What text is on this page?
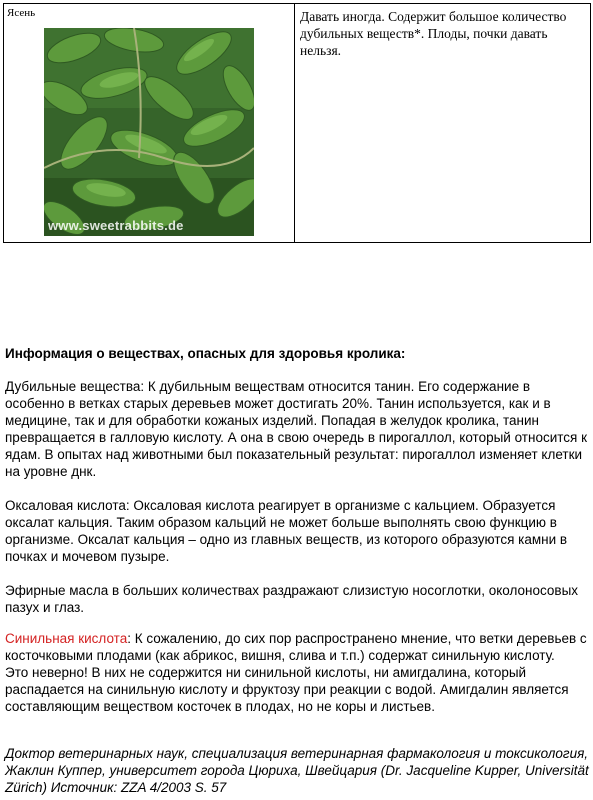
Ясень
www.sweetrabbits.de
Давать иногда. Содержит большое количество дубильных веществ*. Плоды, почки давать нельзя.

Информация о веществах, опасных для здоровья кролика:

Дубильные вещества: К дубильным веществам относится танин. Его содержание в особенно в ветках старых деревьев может достигать 20%. Танин используется, как и в медицине, так и для обработки кожаных изделий. Попадая в желудок кролика, танин превращается в галловую кислоту. А она в свою очередь в пирогаллол, который относится к ядам. В опытах над животными был показательный результат: пирогаллол изменяет клетки на уровне днк.

Оксаловая кислота: Оксаловая кислота реагирует в организме с кальцием. Образуется оксалат кальция. Таким образом кальций не может больше выполнять свою функцию в организме. Оксалат кальция – одно из главных веществ, из которого образуются камни в почках и мочевом пузыре.

Эфирные масла в больших количествах раздражают слизистую носоглотки, околоносовых пазух и глаз.

Синильная кислота: К сожалению, до сих пор распространено мнение, что ветки деревьев с косточковыми плодами (как абрикос, вишня, слива и т.п.) содержат синильную кислоту.
Это неверно! В них не содержится ни синильной кислоты, ни амигдалина, который распадается на синильную кислоту и фруктозу при реакции с водой. Амигдалин является составляющим веществом косточек в плодах, но не коры и листьев.

Доктор ветеринарных наук, специализация ветеринарная фармакология и токсикология, Жаклин Куппер, университет города Цюриха, Швейцария (Dr. Jacqueline Kupper, Universität Zürich) Источник: ZZA 4/2003 S. 57
